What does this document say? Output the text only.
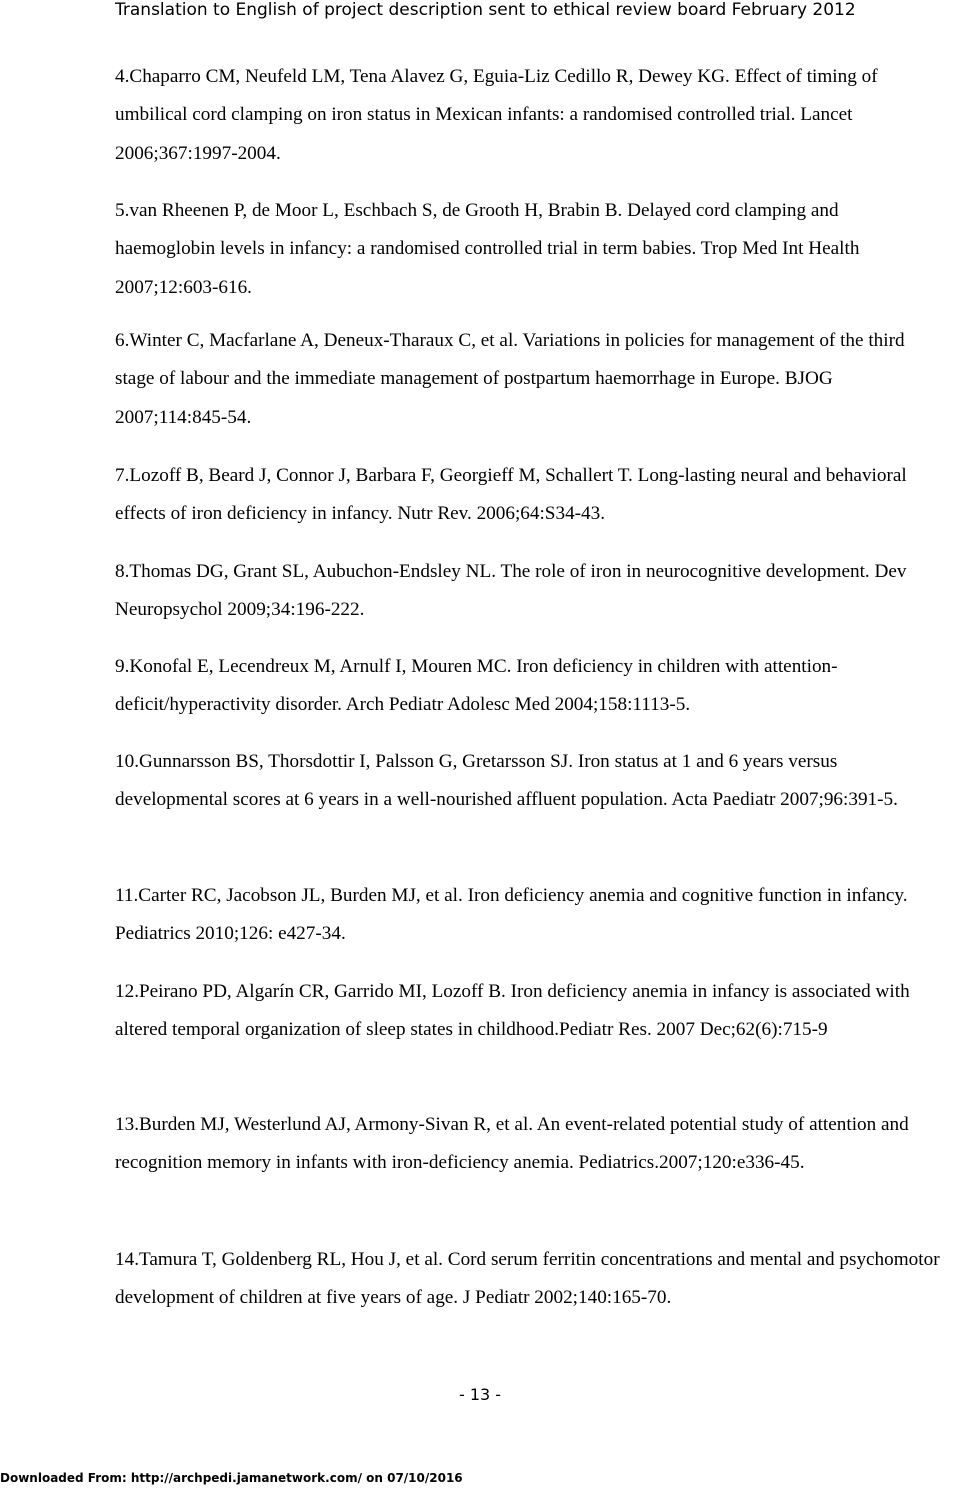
Translation to English of project description sent to ethical review board February 2012

4.Chaparro CM, Neufeld LM, Tena Alavez G, Eguia-Liz Cedillo R, Dewey KG. Effect of timing of umbilical cord clamping on iron status in Mexican infants: a randomised controlled trial. Lancet 2006;367:1997-2004.

5.van Rheenen P, de Moor L, Eschbach S, de Grooth H, Brabin B. Delayed cord clamping and haemoglobin levels in infancy: a randomised controlled trial in term babies. Trop Med Int Health 2007;12:603-616.

6.Winter C, Macfarlane A, Deneux-Tharaux C, et al. Variations in policies for management of the third stage of labour and the immediate management of postpartum haemorrhage in Europe. BJOG 2007;114:845-54.

7.Lozoff B, Beard J, Connor J, Barbara F, Georgieff M, Schallert T. Long-lasting neural and behavioral effects of iron deficiency in infancy. Nutr Rev. 2006;64:S34-43.

8.Thomas DG, Grant SL, Aubuchon-Endsley NL. The role of iron in neurocognitive development. Dev Neuropsychol 2009;34:196-222.

9.Konofal E, Lecendreux M, Arnulf I, Mouren MC. Iron deficiency in children with attention-deficit/hyperactivity disorder. Arch Pediatr Adolesc Med 2004;158:1113-5.

10.Gunnarsson BS, Thorsdottir I, Palsson G, Gretarsson SJ. Iron status at 1 and 6 years versus developmental scores at 6 years in a well-nourished affluent population. Acta Paediatr 2007;96:391-5.

11.Carter RC, Jacobson JL, Burden MJ, et al. Iron deficiency anemia and cognitive function in infancy. Pediatrics 2010;126: e427-34.

12.Peirano PD, Algarín CR, Garrido MI, Lozoff B. Iron deficiency anemia in infancy is associated with altered temporal organization of sleep states in childhood.Pediatr Res. 2007 Dec;62(6):715-9

13.Burden MJ, Westerlund AJ, Armony-Sivan R, et al. An event-related potential study of attention and recognition memory in infants with iron-deficiency anemia. Pediatrics.2007;120:e336-45.

14.Tamura T, Goldenberg RL, Hou J, et al. Cord serum ferritin concentrations and mental and psychomotor development of children at five years of age. J Pediatr 2002;140:165-70.

- 13 -
Downloaded From: http://archpedi.jamanetwork.com/ on 07/10/2016
